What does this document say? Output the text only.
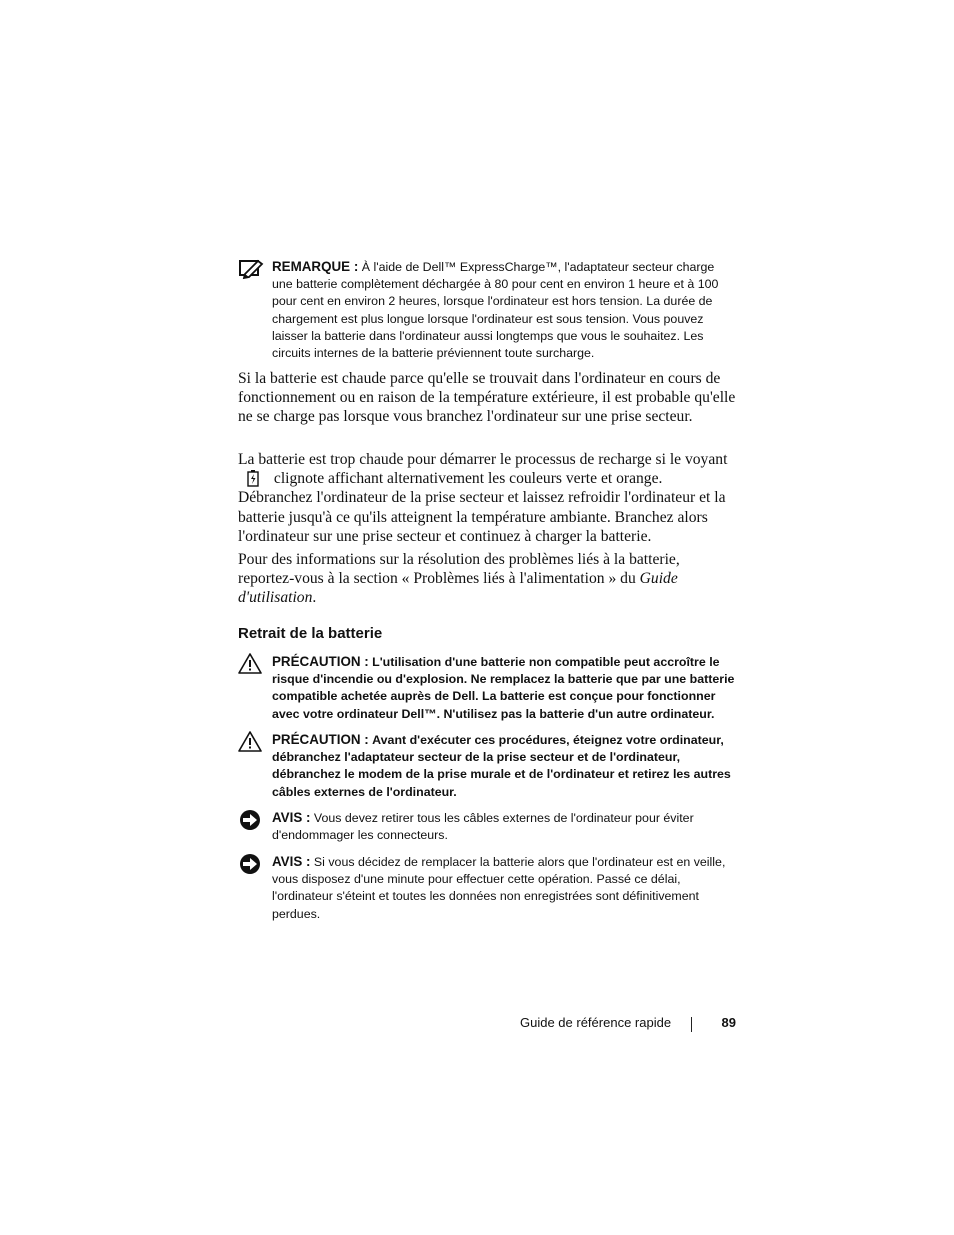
REMARQUE : À l'aide de Dell™ ExpressCharge™, l'adaptateur secteur charge une batterie complètement déchargée à 80 pour cent en environ 1 heure et à 100 pour cent en environ 2 heures, lorsque l'ordinateur est hors tension. La durée de chargement est plus longue lorsque l'ordinateur est sous tension. Vous pouvez laisser la batterie dans l'ordinateur aussi longtemps que vous le souhaitez. Les circuits internes de la batterie préviennent toute surcharge.

Si la batterie est chaude parce qu'elle se trouvait dans l'ordinateur en cours de fonctionnement ou en raison de la température extérieure, il est probable qu'elle ne se charge pas lorsque vous branchez l'ordinateur sur une prise secteur.

La batterie est trop chaude pour démarrer le processus de recharge si le voyant  clignote affichant alternativement les couleurs verte et orange. Débranchez l'ordinateur de la prise secteur et laissez refroidir l'ordinateur et la batterie jusqu'à ce qu'ils atteignent la température ambiante. Branchez alors l'ordinateur sur une prise secteur et continuez à charger la batterie.

Pour des informations sur la résolution des problèmes liés à la batterie, reportez-vous à la section « Problèmes liés à l'alimentation » du Guide d'utilisation.

Retrait de la batterie
PRÉCAUTION : L'utilisation d'une batterie non compatible peut accroître le risque d'incendie ou d'explosion. Ne remplacez la batterie que par une batterie compatible achetée auprès de Dell. La batterie est conçue pour fonctionner avec votre ordinateur Dell™. N'utilisez pas la batterie d'un autre ordinateur.
PRÉCAUTION : Avant d'exécuter ces procédures, éteignez votre ordinateur, débranchez l'adaptateur secteur de la prise secteur et de l'ordinateur, débranchez le modem de la prise murale et de l'ordinateur et retirez les autres câbles externes de l'ordinateur.
AVIS : Vous devez retirer tous les câbles externes de l'ordinateur pour éviter d'endommager les connecteurs.
AVIS : Si vous décidez de remplacer la batterie alors que l'ordinateur est en veille, vous disposez d'une minute pour effectuer cette opération. Passé ce délai, l'ordinateur s'éteint et toutes les données non enregistrées sont définitivement perdues.
Guide de référence rapide	89
